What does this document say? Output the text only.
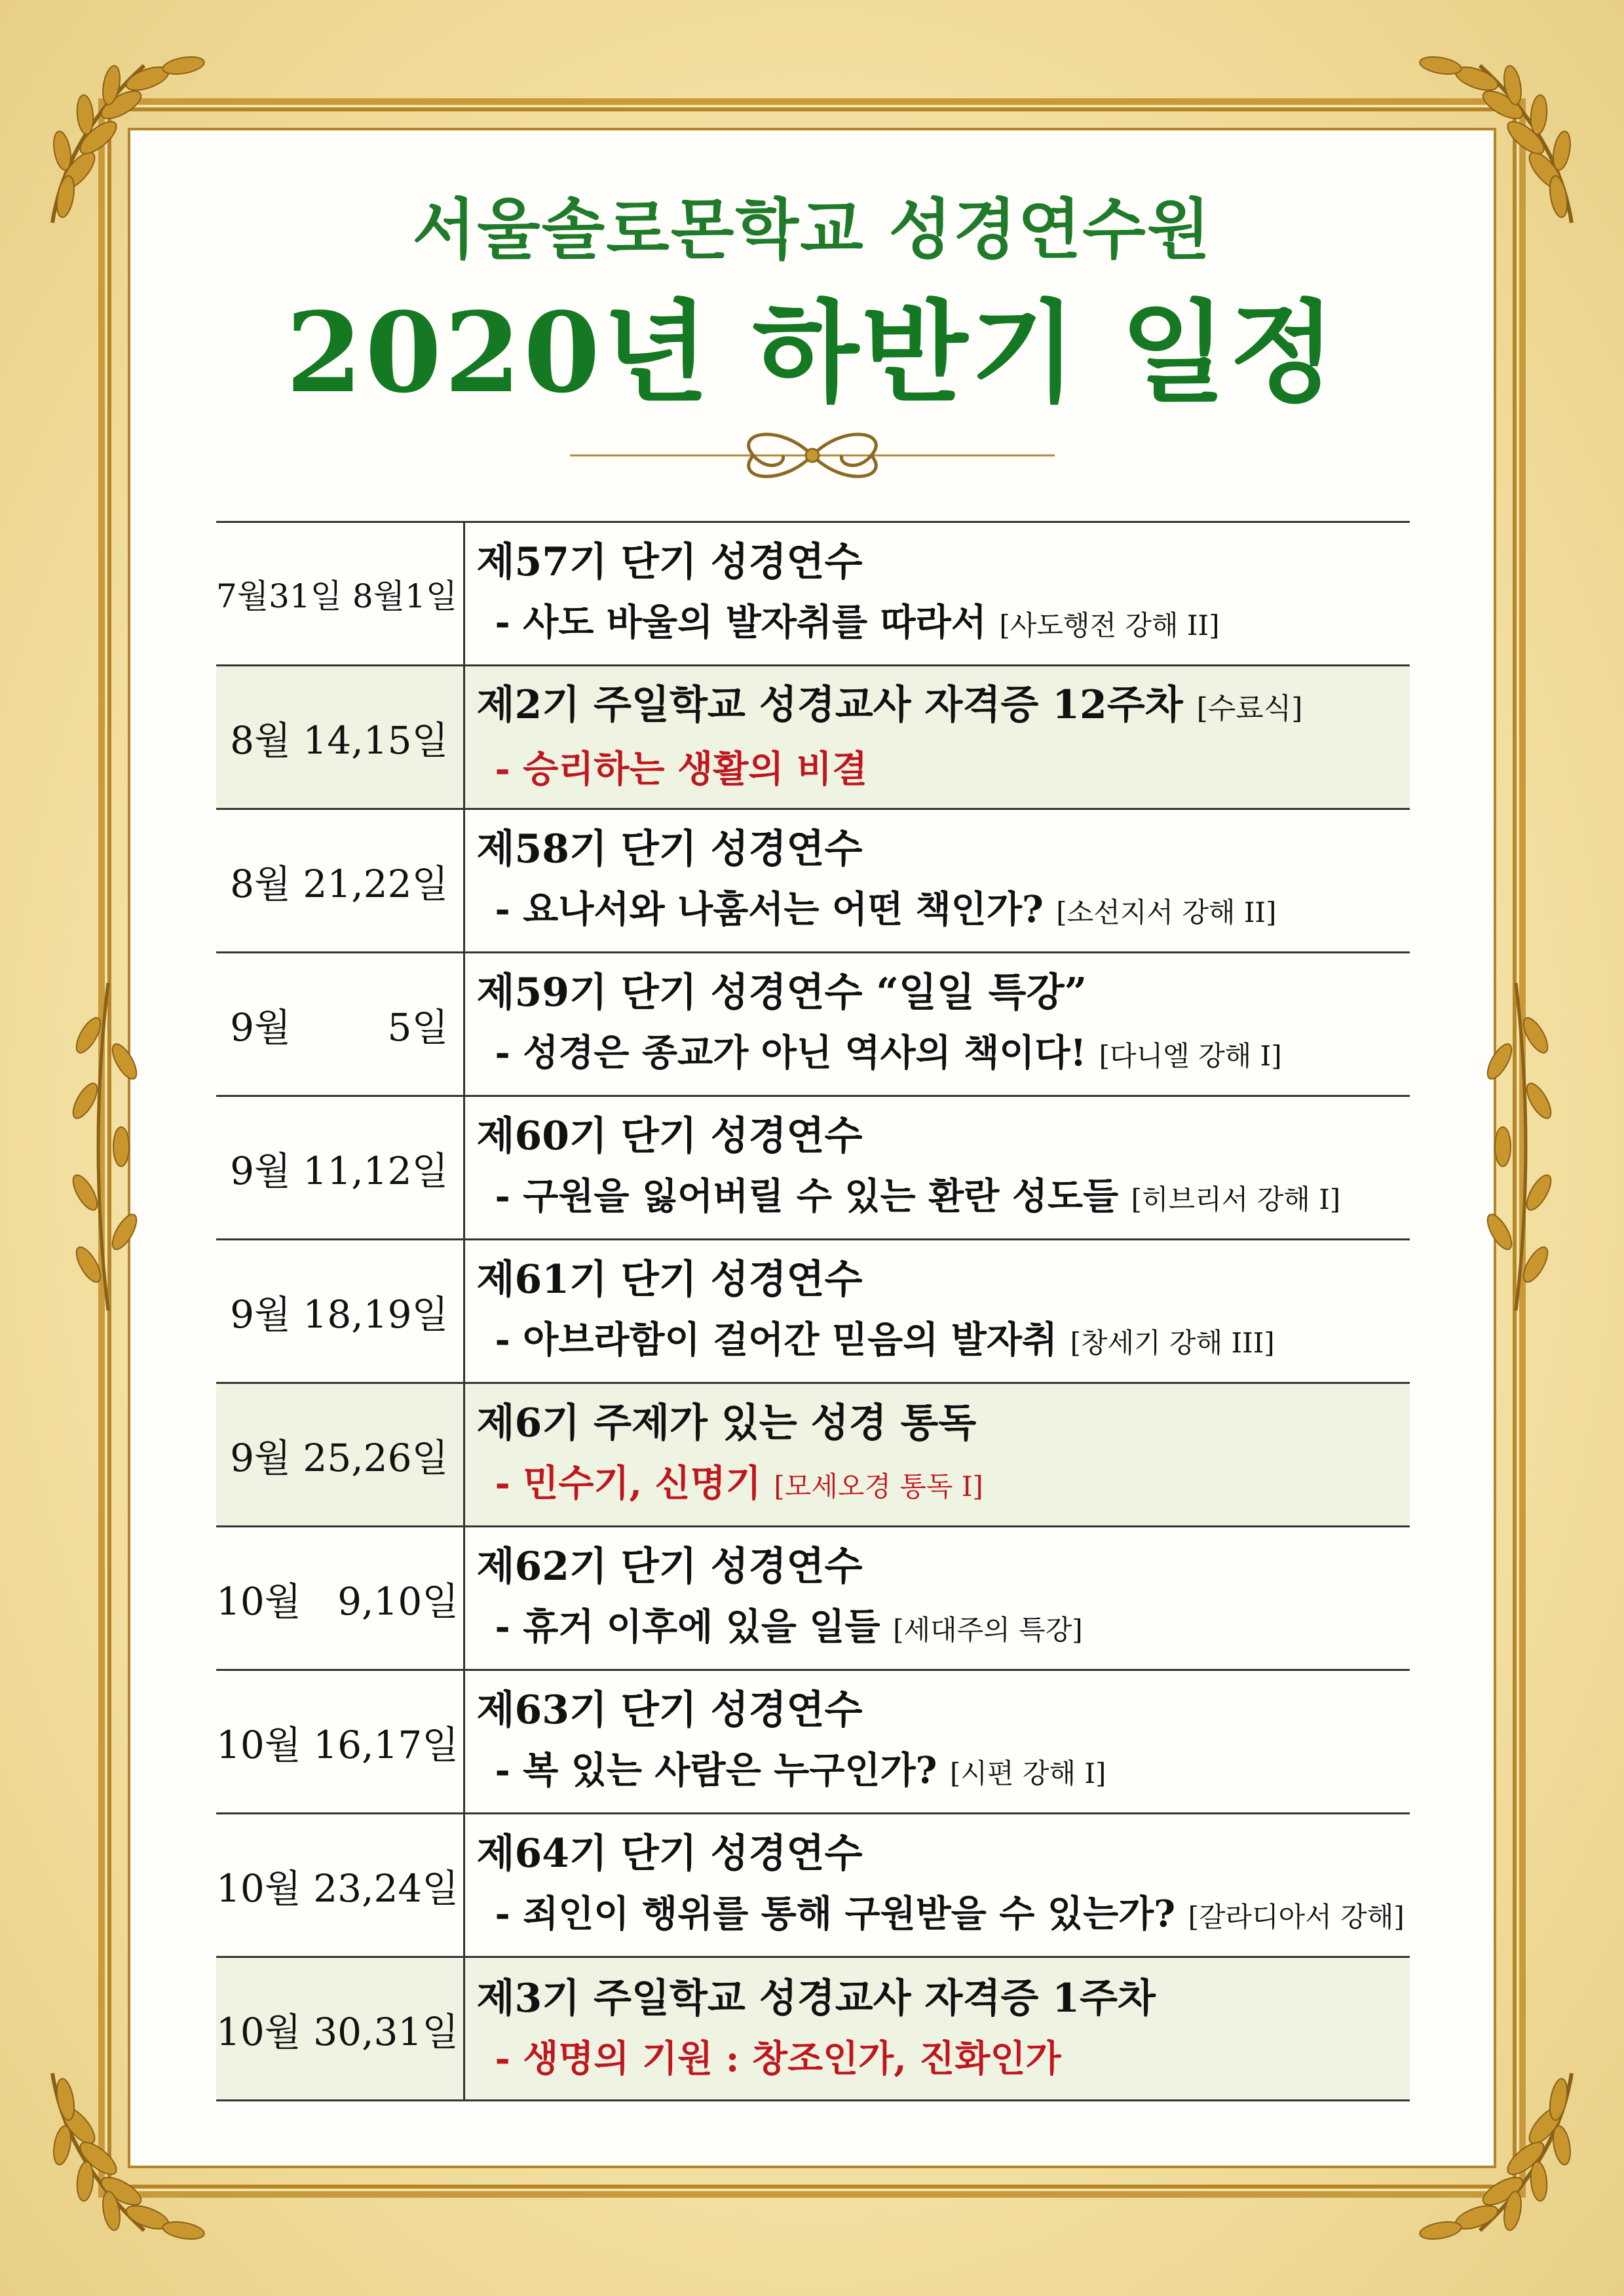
서울솔로몬학교 성경연수원
2020년 하반기 일정
7월31일 8월1일	제57기 단기 성경연수
- 사도 바울의 발자취를 따라서 [사도행전 강해 II]

8월 14,15일	제2기 주일학교 성경교사 자격증 12주차 [수료식]
- 승리하는 생활의 비결

8월 21,22일	제58기 단기 성경연수
- 요나서와 나훔서는 어떤 책인가? [소선지서 강해 II]

9월        5일	제59기 단기 성경연수 “일일 특강”
- 성경은 종교가 아닌 역사의 책이다! [다니엘 강해 I]

9월 11,12일	제60기 단기 성경연수
- 구원을 잃어버릴 수 있는 환란 성도들 [히브리서 강해 I]

9월 18,19일	제61기 단기 성경연수
- 아브라함이 걸어간 믿음의 발자취 [창세기 강해 III]

9월 25,26일	제6기 주제가 있는 성경 통독
- 민수기, 신명기 [모세오경 통독 I]

10월   9,10일	제62기 단기 성경연수
- 휴거 이후에 있을 일들 [세대주의 특강]

10월 16,17일	제63기 단기 성경연수
- 복 있는 사람은 누구인가? [시편 강해 I]

10월 23,24일	제64기 단기 성경연수
- 죄인이 행위를 통해 구원받을 수 있는가? [갈라디아서 강해]

10월 30,31일	제3기 주일학교 성경교사 자격증 1주차
- 생명의 기원 : 창조인가, 진화인가
